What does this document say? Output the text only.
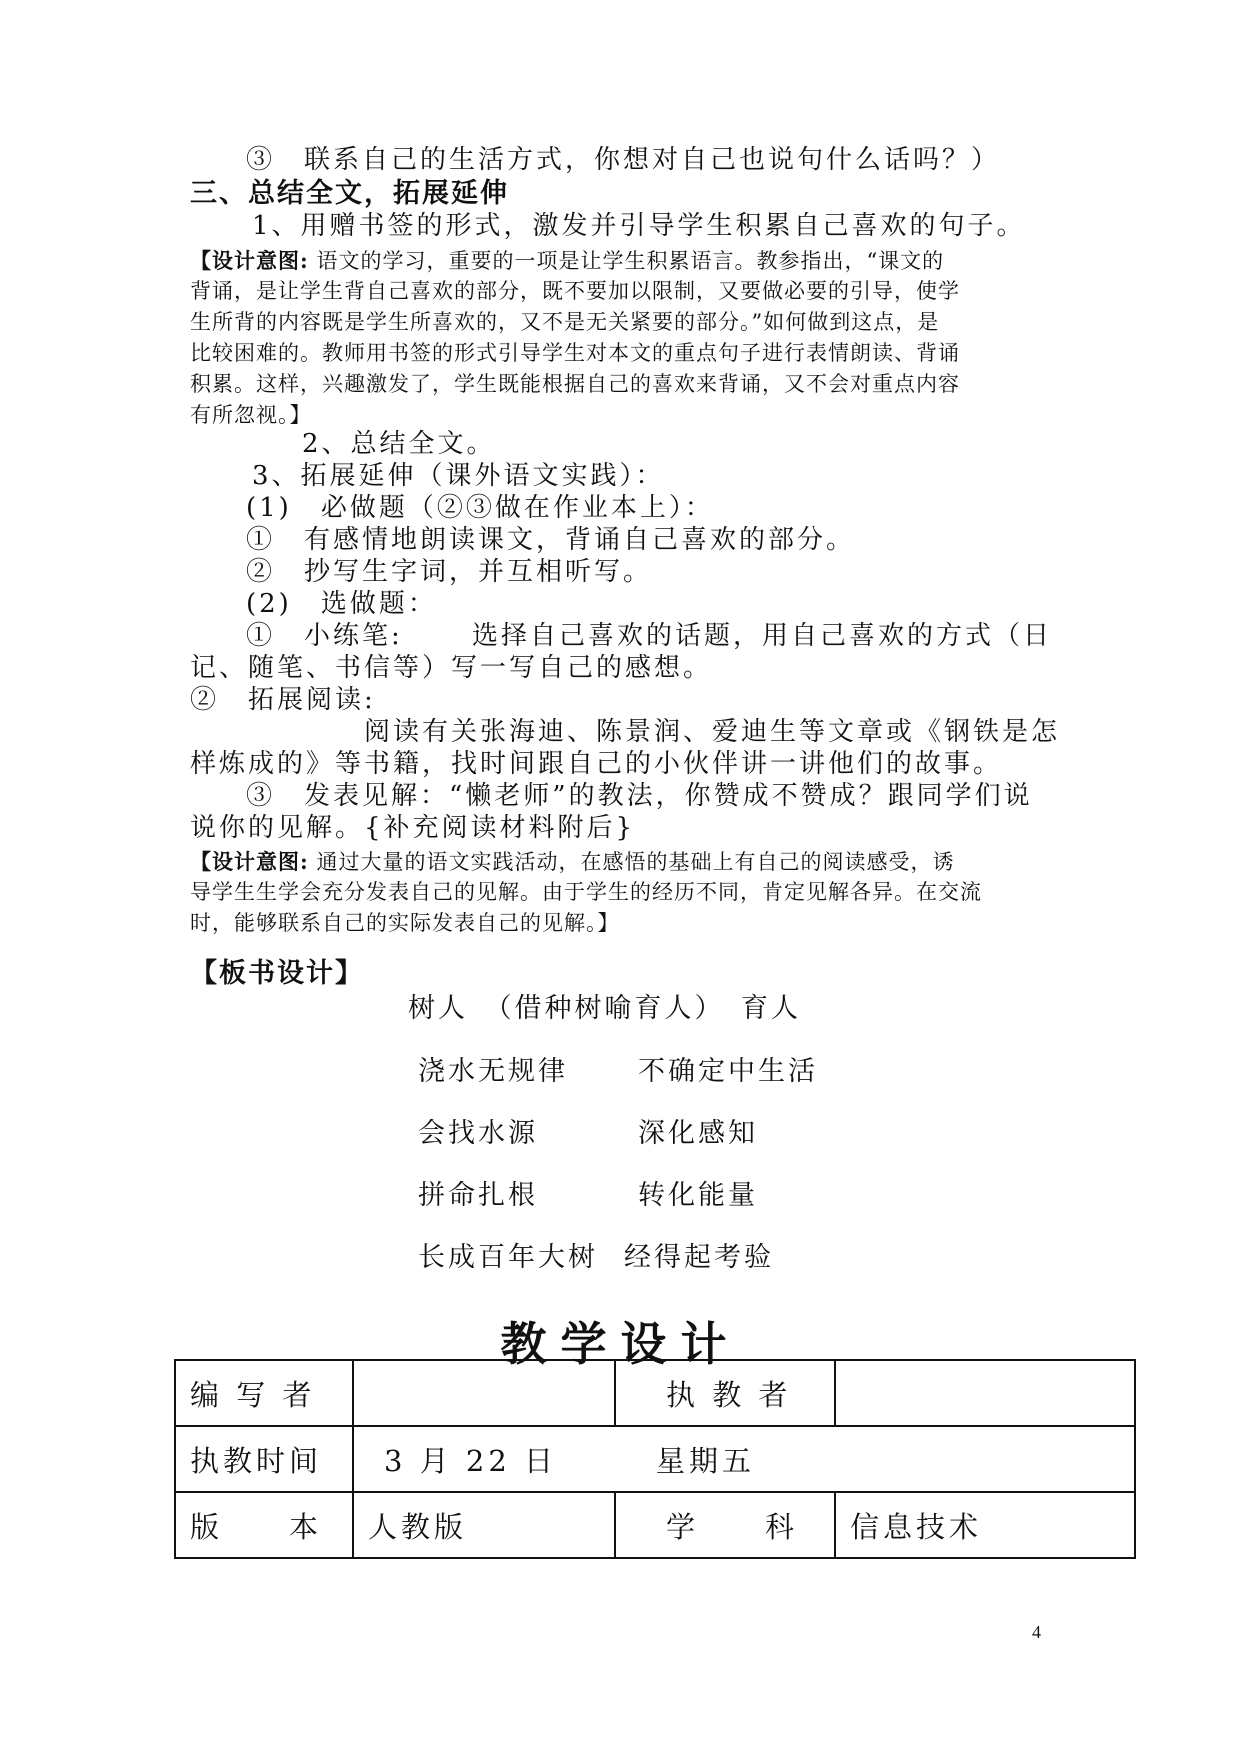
③　联系自己的生活方式，你想对自己也说句什么话吗？）
三、总结全文，拓展延伸
1、用赠书签的形式，激发并引导学生积累自己喜欢的句子。
【设计意图: 语文的学习，重要的一项是让学生积累语言。教参指出，“课文的
背诵，是让学生背自己喜欢的部分，既不要加以限制，又要做必要的引导，使学
生所背的内容既是学生所喜欢的，又不是无关紧要的部分。”如何做到这点，是
比较困难的。教师用书签的形式引导学生对本文的重点句子进行表情朗读、背诵
积累。这样，兴趣激发了，学生既能根据自己的喜欢来背诵，又不会对重点内容
有所忽视。】
2、总结全文。
3、拓展延伸（课外语文实践）：
(1)　必做题（②③做在作业本上）：
①　有感情地朗读课文，背诵自己喜欢的部分。
②　抄写生字词，并互相听写。
(2)　选做题：
①　小练笔:　　 选择自己喜欢的话题，用自己喜欢的方式（日
记、随笔、书信等）写一写自己的感想。
②　拓展阅读:
阅读有关张海迪、陈景润、爱迪生等文章或《钢铁是怎
样炼成的》等书籍，找时间跟自己的小伙伴讲一讲他们的故事。
③　发表见解：“懒老师”的教法，你赞成不赞成？跟同学们说
说你的见解。{补充阅读材料附后}
【设计意图: 通过大量的语文实践活动，在感悟的基础上有自己的阅读感受，诱
导学生生学会充分发表自己的见解。由于学生的经历不同，肯定见解各异。在交流
时，能够联系自己的实际发表自己的见解。】
【板书设计】
树人　（借种树喻育人）　育人
浇水无规律	不确定中生活
会找水源	深化感知
拼命扎根	转化能量
长成百年大树 经得起考验
教学设计
编 写 者		执 教 者	
执教时间	3 月 22 日　　　星期五		
版　　本	人教版	学　　科	信息技术
4
